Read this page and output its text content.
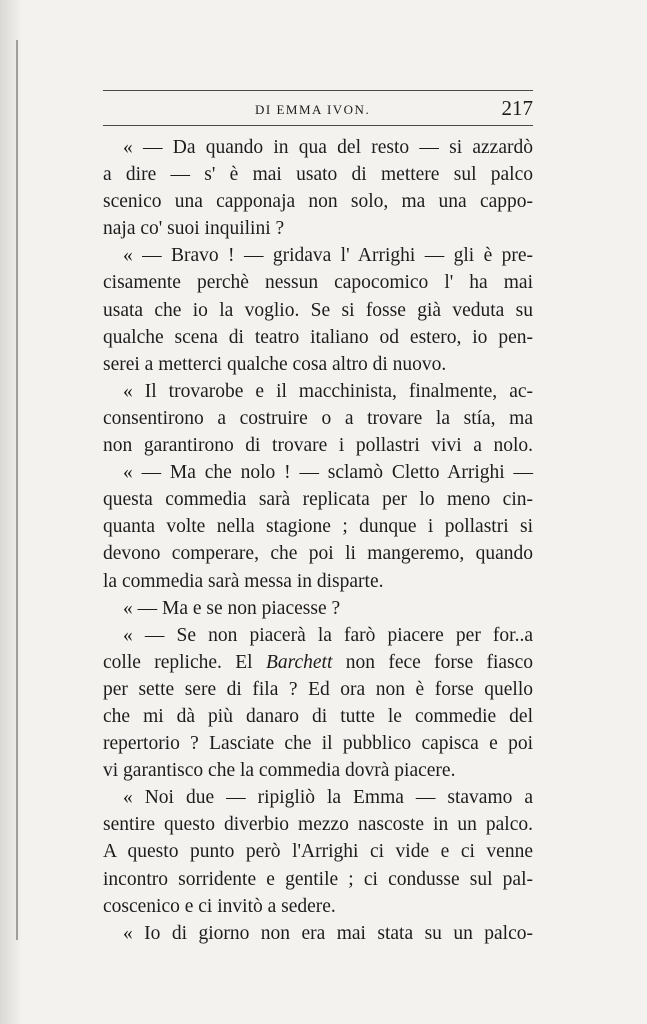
DI EMMA IVON.	217
« — Da quando in qua del resto — si azzardò
a dire — s' è mai usato di mettere sul palco
scenico una capponaja non solo, ma una cappo-
naja co' suoi inquilini ?
« — Bravo ! — gridava l' Arrighi — gli è pre-
cisamente perchè nessun capocomico l' ha mai
usata che io la voglio. Se si fosse già veduta su
qualche scena di teatro italiano od estero, io pen-
serei a metterci qualche cosa altro di nuovo.
« Il trovarobe e il macchinista, finalmente, ac-
consentirono a costruire o a trovare la stía, ma
non garantirono di trovare i pollastri vivi a nolo.
« — Ma che nolo ! — sclamò Cletto Arrighi —
questa commedia sarà replicata per lo meno cin-
quanta volte nella stagione ; dunque i pollastri si
devono comperare, che poi li mangeremo, quando
la commedia sarà messa in disparte.
« — Ma e se non piacesse ?
« — Se non piacerà la farò piacere per for..a
colle repliche. El Barchett non fece forse fiasco
per sette sere di fila ? Ed ora non è forse quello
che mi dà più danaro di tutte le commedie del
repertorio ? Lasciate che il pubblico capisca e poi
vi garantisco che la commedia dovrà piacere.
« Noi due — ripigliò la Emma — stavamo a
sentire questo diverbio mezzo nascoste in un palco.
A questo punto però l'Arrighi ci vide e ci venne
incontro sorridente e gentile ; ci condusse sul pal-
coscenico e ci invitò a sedere.
« Io di giorno non era mai stata su un palco-
